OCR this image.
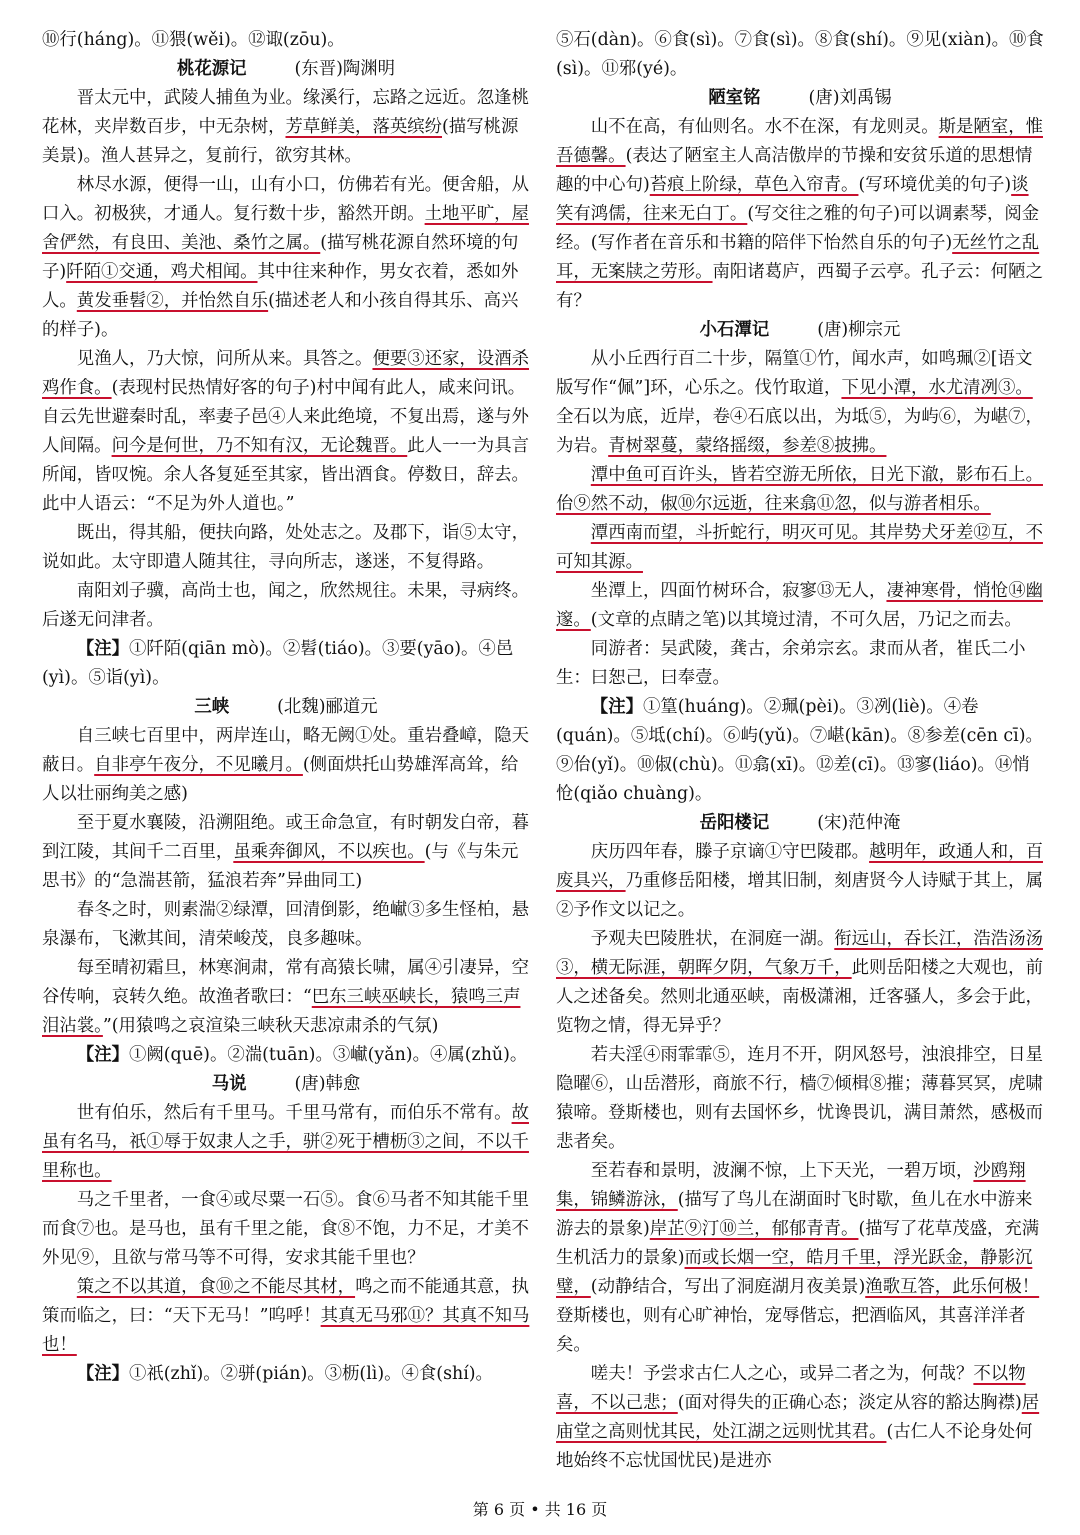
⑩行(háng)。⑪猥(wěi)。⑫诹(zōu)。

桃花源记	(东晋)陶渊明

晋太元中，武陵人捕鱼为业。缘溪行，忘路之远近。忽逢桃花林，夹岸数百步，中无杂树，芳草鲜美，落英缤纷(描写桃源美景)。渔人甚异之，复前行，欲穷其林。

林尽水源，便得一山，山有小口，仿佛若有光。便舍船，从口入。初极狭，才通人。复行数十步，豁然开朗。土地平旷，屋舍俨然，有良田、美池、桑竹之属。(描写桃花源自然环境的句子)阡陌①交通，鸡犬相闻。其中往来种作，男女衣着，悉如外人。黄发垂髫②，并怡然自乐(描述老人和小孩自得其乐、高兴的样子)。

见渔人，乃大惊，问所从来。具答之。便要③还家，设酒杀鸡作食。(表现村民热情好客的句子)村中闻有此人，咸来问讯。自云先世避秦时乱，率妻子邑④人来此绝境，不复出焉，遂与外人间隔。问今是何世，乃不知有汉，无论魏晋。此人一一为具言所闻，皆叹惋。余人各复延至其家，皆出酒食。停数日，辞去。此中人语云：“不足为外人道也。”

既出，得其船，便扶向路，处处志之。及郡下，诣⑤太守，说如此。太守即遣人随其往，寻向所志，遂迷，不复得路。

南阳刘子骥，高尚士也，闻之，欣然规往。未果，寻病终。后遂无问津者。

【注】①阡陌(qiān mò)。②髫(tiáo)。③要(yāo)。④邑(yì)。⑤诣(yì)。

三峡	(北魏)郦道元

自三峡七百里中，两岸连山，略无阙①处。重岩叠嶂，隐天蔽日。自非亭午夜分，不见曦月。(侧面烘托山势雄浑高耸，给人以壮丽绚美之感)

至于夏水襄陵，沿溯阻绝。或王命急宣，有时朝发白帝，暮到江陵，其间千二百里，虽乘奔御风，不以疾也。(与《与朱元思书》的“急湍甚箭，猛浪若奔”异曲同工)

春冬之时，则素湍②绿潭，回清倒影，绝𪩘③多生怪柏，悬泉瀑布，飞漱其间，清荣峻茂，良多趣味。

每至晴初霜旦，林寒涧肃，常有高猿长啸，属④引凄异，空谷传响，哀转久绝。故渔者歌曰：“巴东三峡巫峡长，猿鸣三声泪沾裳。”(用猿鸣之哀渲染三峡秋天悲凉肃杀的气氛)

【注】①阙(quē)。②湍(tuān)。③𪩘(yǎn)。④属(zhǔ)。

马说	(唐)韩愈

世有伯乐，然后有千里马。千里马常有，而伯乐不常有。故虽有名马，祇①辱于奴隶人之手，骈②死于槽枥③之间，不以千里称也。

马之千里者，一食④或尽粟一石⑤。食⑥马者不知其能千里而食⑦也。是马也，虽有千里之能，食⑧不饱，力不足，才美不外见⑨，且欲与常马等不可得，安求其能千里也？

策之不以其道，食⑩之不能尽其材，鸣之而不能通其意，执策而临之，曰：“天下无马！”呜呼！其真无马邪⑪？其真不知马也！

【注】①祇(zhǐ)。②骈(pián)。③枥(lì)。④食(shí)。

⑤石(dàn)。⑥食(sì)。⑦食(sì)。⑧食(shí)。⑨见(xiàn)。⑩食(sì)。⑪邪(yé)。

陋室铭	(唐)刘禹锡

山不在高，有仙则名。水不在深，有龙则灵。斯是陋室，惟吾德馨。(表达了陋室主人高洁傲岸的节操和安贫乐道的思想情趣的中心句)苔痕上阶绿，草色入帘青。(写环境优美的句子)谈笑有鸿儒，往来无白丁。(写交往之雅的句子)可以调素琴，阅金经。(写作者在音乐和书籍的陪伴下怡然自乐的句子)无丝竹之乱耳，无案牍之劳形。南阳诸葛庐，西蜀子云亭。孔子云：何陋之有？

小石潭记	(唐)柳宗元

从小丘西行百二十步，隔篁①竹，闻水声，如鸣珮②[语文版写作“佩”]环，心乐之。伐竹取道，下见小潭，水尤清冽③。全石以为底，近岸，卷④石底以出，为坻⑤，为屿⑥，为嵁⑦，为岩。青树翠蔓，蒙络摇缀，参差⑧披拂。

潭中鱼可百许头，皆若空游无所依，日光下澈，影布石上。佁⑨然不动，俶⑩尔远逝，往来翕⑪忽，似与游者相乐。

潭西南而望，斗折蛇行，明灭可见。其岸势犬牙差⑫互，不可知其源。

坐潭上，四面竹树环合，寂寥⑬无人，凄神寒骨，悄怆⑭幽邃。(文章的点睛之笔)以其境过清，不可久居，乃记之而去。

同游者：吴武陵，龚古，余弟宗玄。隶而从者，崔氏二小生：曰恕己，曰奉壹。

【注】①篁(huáng)。②珮(pèi)。③冽(liè)。④卷(quán)。⑤坻(chí)。⑥屿(yǔ)。⑦嵁(kān)。⑧参差(cēn cī)。⑨佁(yǐ)。⑩俶(chù)。⑪翕(xī)。⑫差(cī)。⑬寥(liáo)。⑭悄怆(qiǎo chuàng)。

岳阳楼记	(宋)范仲淹

庆历四年春，滕子京谪①守巴陵郡。越明年，政通人和，百废具兴，乃重修岳阳楼，增其旧制，刻唐贤今人诗赋于其上，属②予作文以记之。

予观夫巴陵胜状，在洞庭一湖。衔远山，吞长江，浩浩汤汤③，横无际涯，朝晖夕阴，气象万千，此则岳阳楼之大观也，前人之述备矣。然则北通巫峡，南极潇湘，迁客骚人，多会于此，览物之情，得无异乎？

若夫淫④雨霏霏⑤，连月不开，阴风怒号，浊浪排空，日星隐曜⑥，山岳潜形，商旅不行，樯⑦倾楫⑧摧；薄暮冥冥，虎啸猿啼。登斯楼也，则有去国怀乡，忧谗畏讥，满目萧然，感极而悲者矣。

至若春和景明，波澜不惊，上下天光，一碧万顷，沙鸥翔集，锦鳞游泳，(描写了鸟儿在湖面时飞时歇，鱼儿在水中游来游去的景象)岸芷⑨汀⑩兰，郁郁青青。(描写了花草茂盛，充满生机活力的景象)而或长烟一空，皓月千里，浮光跃金，静影沉璧，(动静结合，写出了洞庭湖月夜美景)渔歌互答，此乐何极！登斯楼也，则有心旷神怡，宠辱偕忘，把酒临风，其喜洋洋者矣。

嗟夫！予尝求古仁人之心，或异二者之为，何哉？不以物喜，不以己悲；(面对得失的正确心态；淡定从容的豁达胸襟)居庙堂之高则忧其民，处江湖之远则忧其君。(古仁人不论身处何地始终不忘忧国忧民)是进亦

第 6 页 • 共 16 页
